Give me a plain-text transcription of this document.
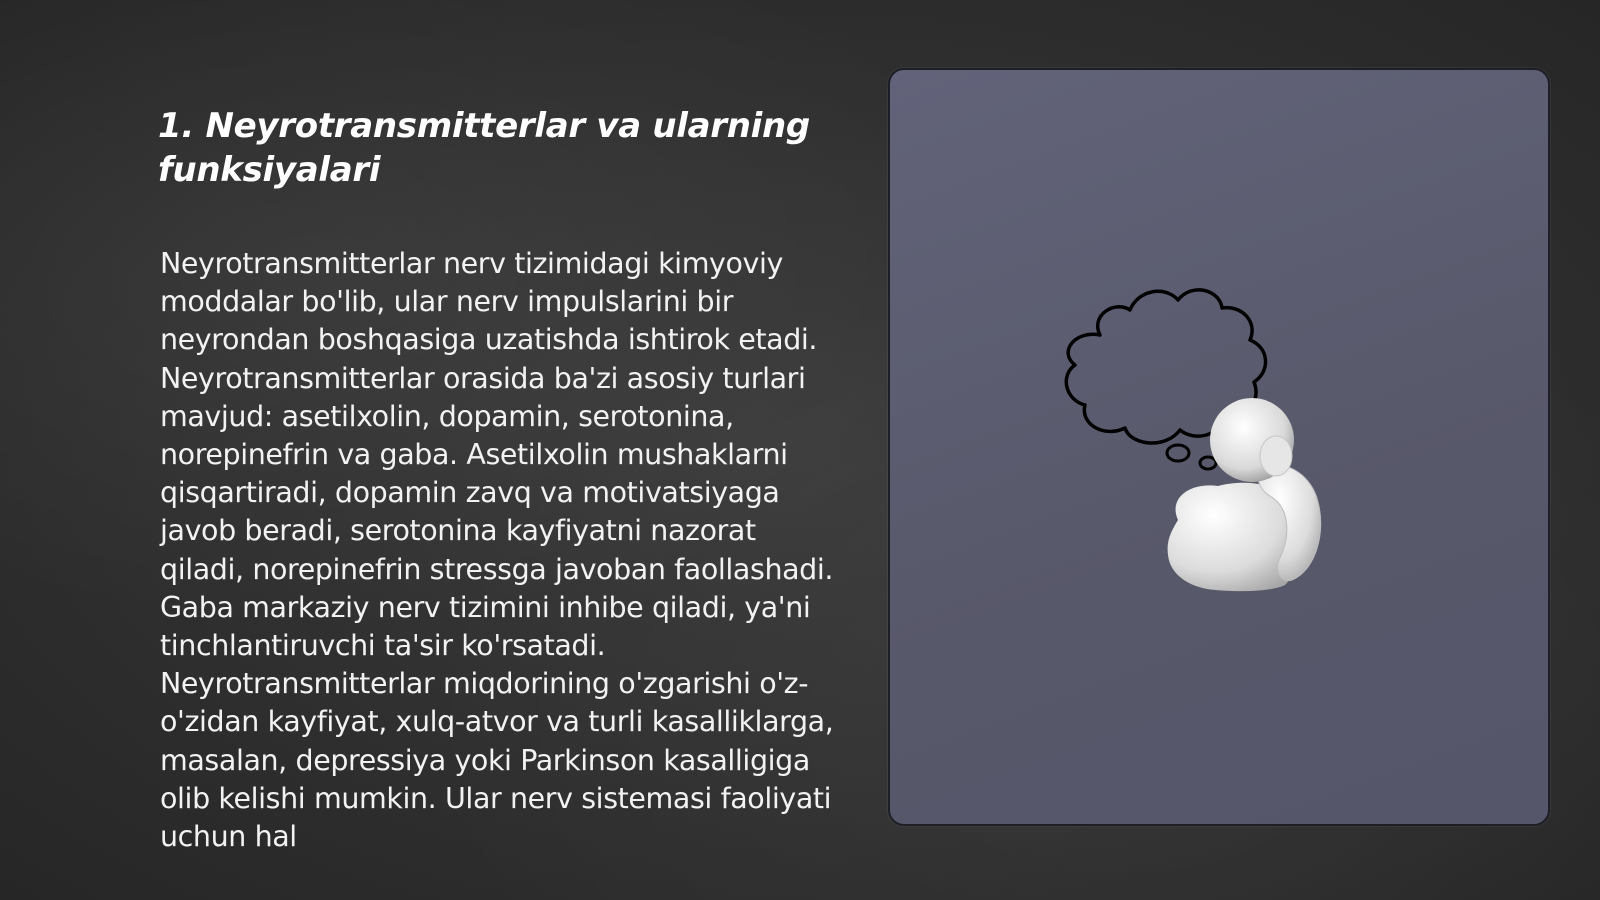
1. Neyrotransmitterlar va ularning funksiyalari

Neyrotransmitterlar nerv tizimidagi kimyoviy moddalar bo'lib, ular nerv impulslarini bir neyrondan boshqasiga uzatishda ishtirok etadi. Neyrotransmitterlar orasida ba'zi asosiy turlari mavjud: asetilxolin, dopamin, serotonina, norepinefrin va gaba. Asetilxolin mushaklarni qisqartiradi, dopamin zavq va motivatsiyaga javob beradi, serotonina kayfiyatni nazorat qiladi, norepinefrin stressga javoban faollashadi. Gaba markaziy nerv tizimini inhibe qiladi, ya'ni tinchlantiruvchi ta'sir ko'rsatadi. Neyrotransmitterlar miqdorining o'zgarishi o'z-o'zidan kayfiyat, xulq-atvor va turli kasalliklarga, masalan, depressiya yoki Parkinson kasalligiga olib kelishi mumkin. Ular nerv sistemasi faoliyati uchun hal
